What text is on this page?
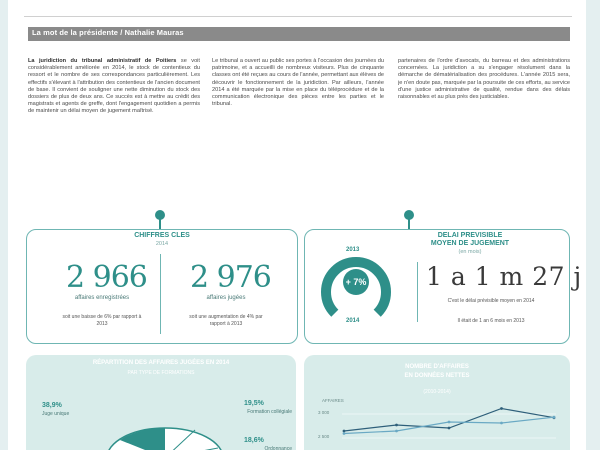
La mot de la présidente / Nathalie Mauras
La juridiction du tribunal administratif de Poitiers se voit considérablement améliorée en 2014, le stock de contentieux du ressort et le nombre de ses correspondances particulièrement. Les effectifs s'élevant à l'attribution des contentieux de l'ancien document de base. Il convient de souligner une nette diminution du stock des dossiers de plus de deux ans. Ce succès est à mettre au crédit des magistrats et agents de greffe, dont l'engagement quotidien a permis de maintenir un délai moyen de jugement maîtrisé.
Le tribunal a ouvert au public ses portes à l'occasion des journées du patrimoine, et a accueilli de nombreux visiteurs. Plus de cinquante classes ont été reçues au cours de l'année, permettant aux élèves de découvrir le fonctionnement de la juridiction. Par ailleurs, l'année 2014 a été marquée par la mise en place du téléprocédure et de la communication électronique des pièces entre les parties et le tribunal.
partenaires de l'ordre d'avocats, du barreau et des administrations concernées. La juridiction a su s'engager résolument dans la démarche de dématérialisation des procédures. L'année 2015 sera, je n'en doute pas, marquée par la poursuite de ces efforts, au service d'une justice administrative de qualité, rendue dans des délais raisonnables et au plus près des justiciables.
CHIFFRES CLES
2014
2 966
affaires enregistrées
soit une baisse de 6% par rapport à 2013
2 976
affaires jugées
soit une augmentation de 4% par rapport à 2013
DELAI PREVISIBLE
MOYEN DE JUGEMENT
(en mois)
+ 7%
2013
2014
1 a 1 m 27 j
C'est le délai prévisible moyen en 2014
Il était de 1 an 6 mois en 2013
RÉPARTITION DES AFFAIRES JUGÉES EN 2014
PAR TYPE DE FORMATIONS
38,9%
Juge unique
19,5%
Formation collégiale
18,6%
Ordonnance
NOMBRE D'AFFAIRES
EN DONNÉES NETTES
(2010-2014)
AFFAIRES
3 000
2 500
